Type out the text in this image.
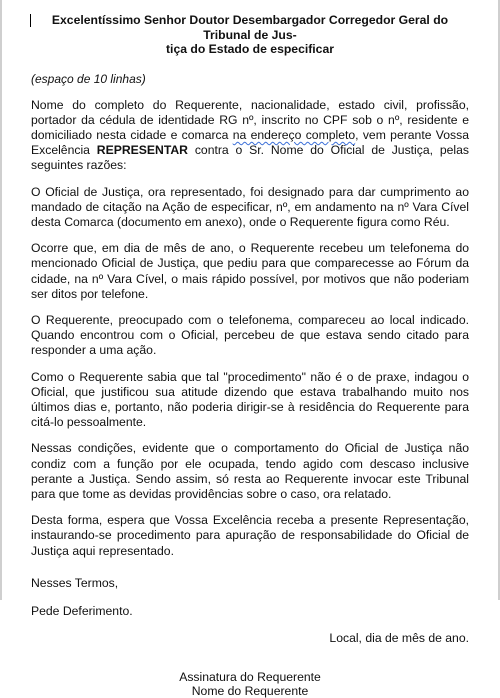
Excelentíssimo Senhor Doutor Desembargador Corregedor Geral do Tribunal de Jus-
tiça do Estado de especificar

(espaço de 10 linhas)

Nome do completo do Requerente, nacionalidade, estado civil, profissão, portador da cédula de identidade RG nº, inscrito no CPF sob o nº, residente e domiciliado nesta cidade e comarca na endereço completo, vem perante Vossa Excelência REPRESENTAR contra o Sr. Nome do Oficial de Justiça, pelas seguintes razões:

O Oficial de Justiça, ora representado, foi designado para dar cumprimento ao mandado de citação na Ação de especificar, nº, em andamento na nº Vara Cível desta Comarca (documento em anexo), onde o Requerente figura como Réu.

Ocorre que, em dia de mês de ano, o Requerente recebeu um telefonema do mencionado Oficial de Justiça, que pediu para que comparecesse ao Fórum da cidade, na nº Vara Cível, o mais rápido possível, por motivos que não poderiam ser ditos por telefone.

O Requerente, preocupado com o telefonema, compareceu ao local indicado. Quando encontrou com o Oficial, percebeu de que estava sendo citado para responder a uma ação.

Como o Requerente sabia que tal "procedimento" não é o de praxe, indagou o Oficial, que justificou sua atitude dizendo que estava trabalhando muito nos últimos dias e, portanto, não poderia dirigir-se à residência do Requerente para citá-lo pessoalmente.

Nessas condições, evidente que o comportamento do Oficial de Justiça não condiz com a função por ele ocupada, tendo agido com descaso inclusive perante a Justiça. Sendo assim, só resta ao Requerente invocar este Tribunal para que tome as devidas providências sobre o caso, ora relatado.

Desta forma, espera que Vossa Excelência receba a presente Representação, instaurando-se procedimento para apuração de responsabilidade do Oficial de Justiça aqui representado.

Nesses Termos,

Pede Deferimento.

Local, dia de mês de ano.

Assinatura do Requerente
Nome do Requerente
